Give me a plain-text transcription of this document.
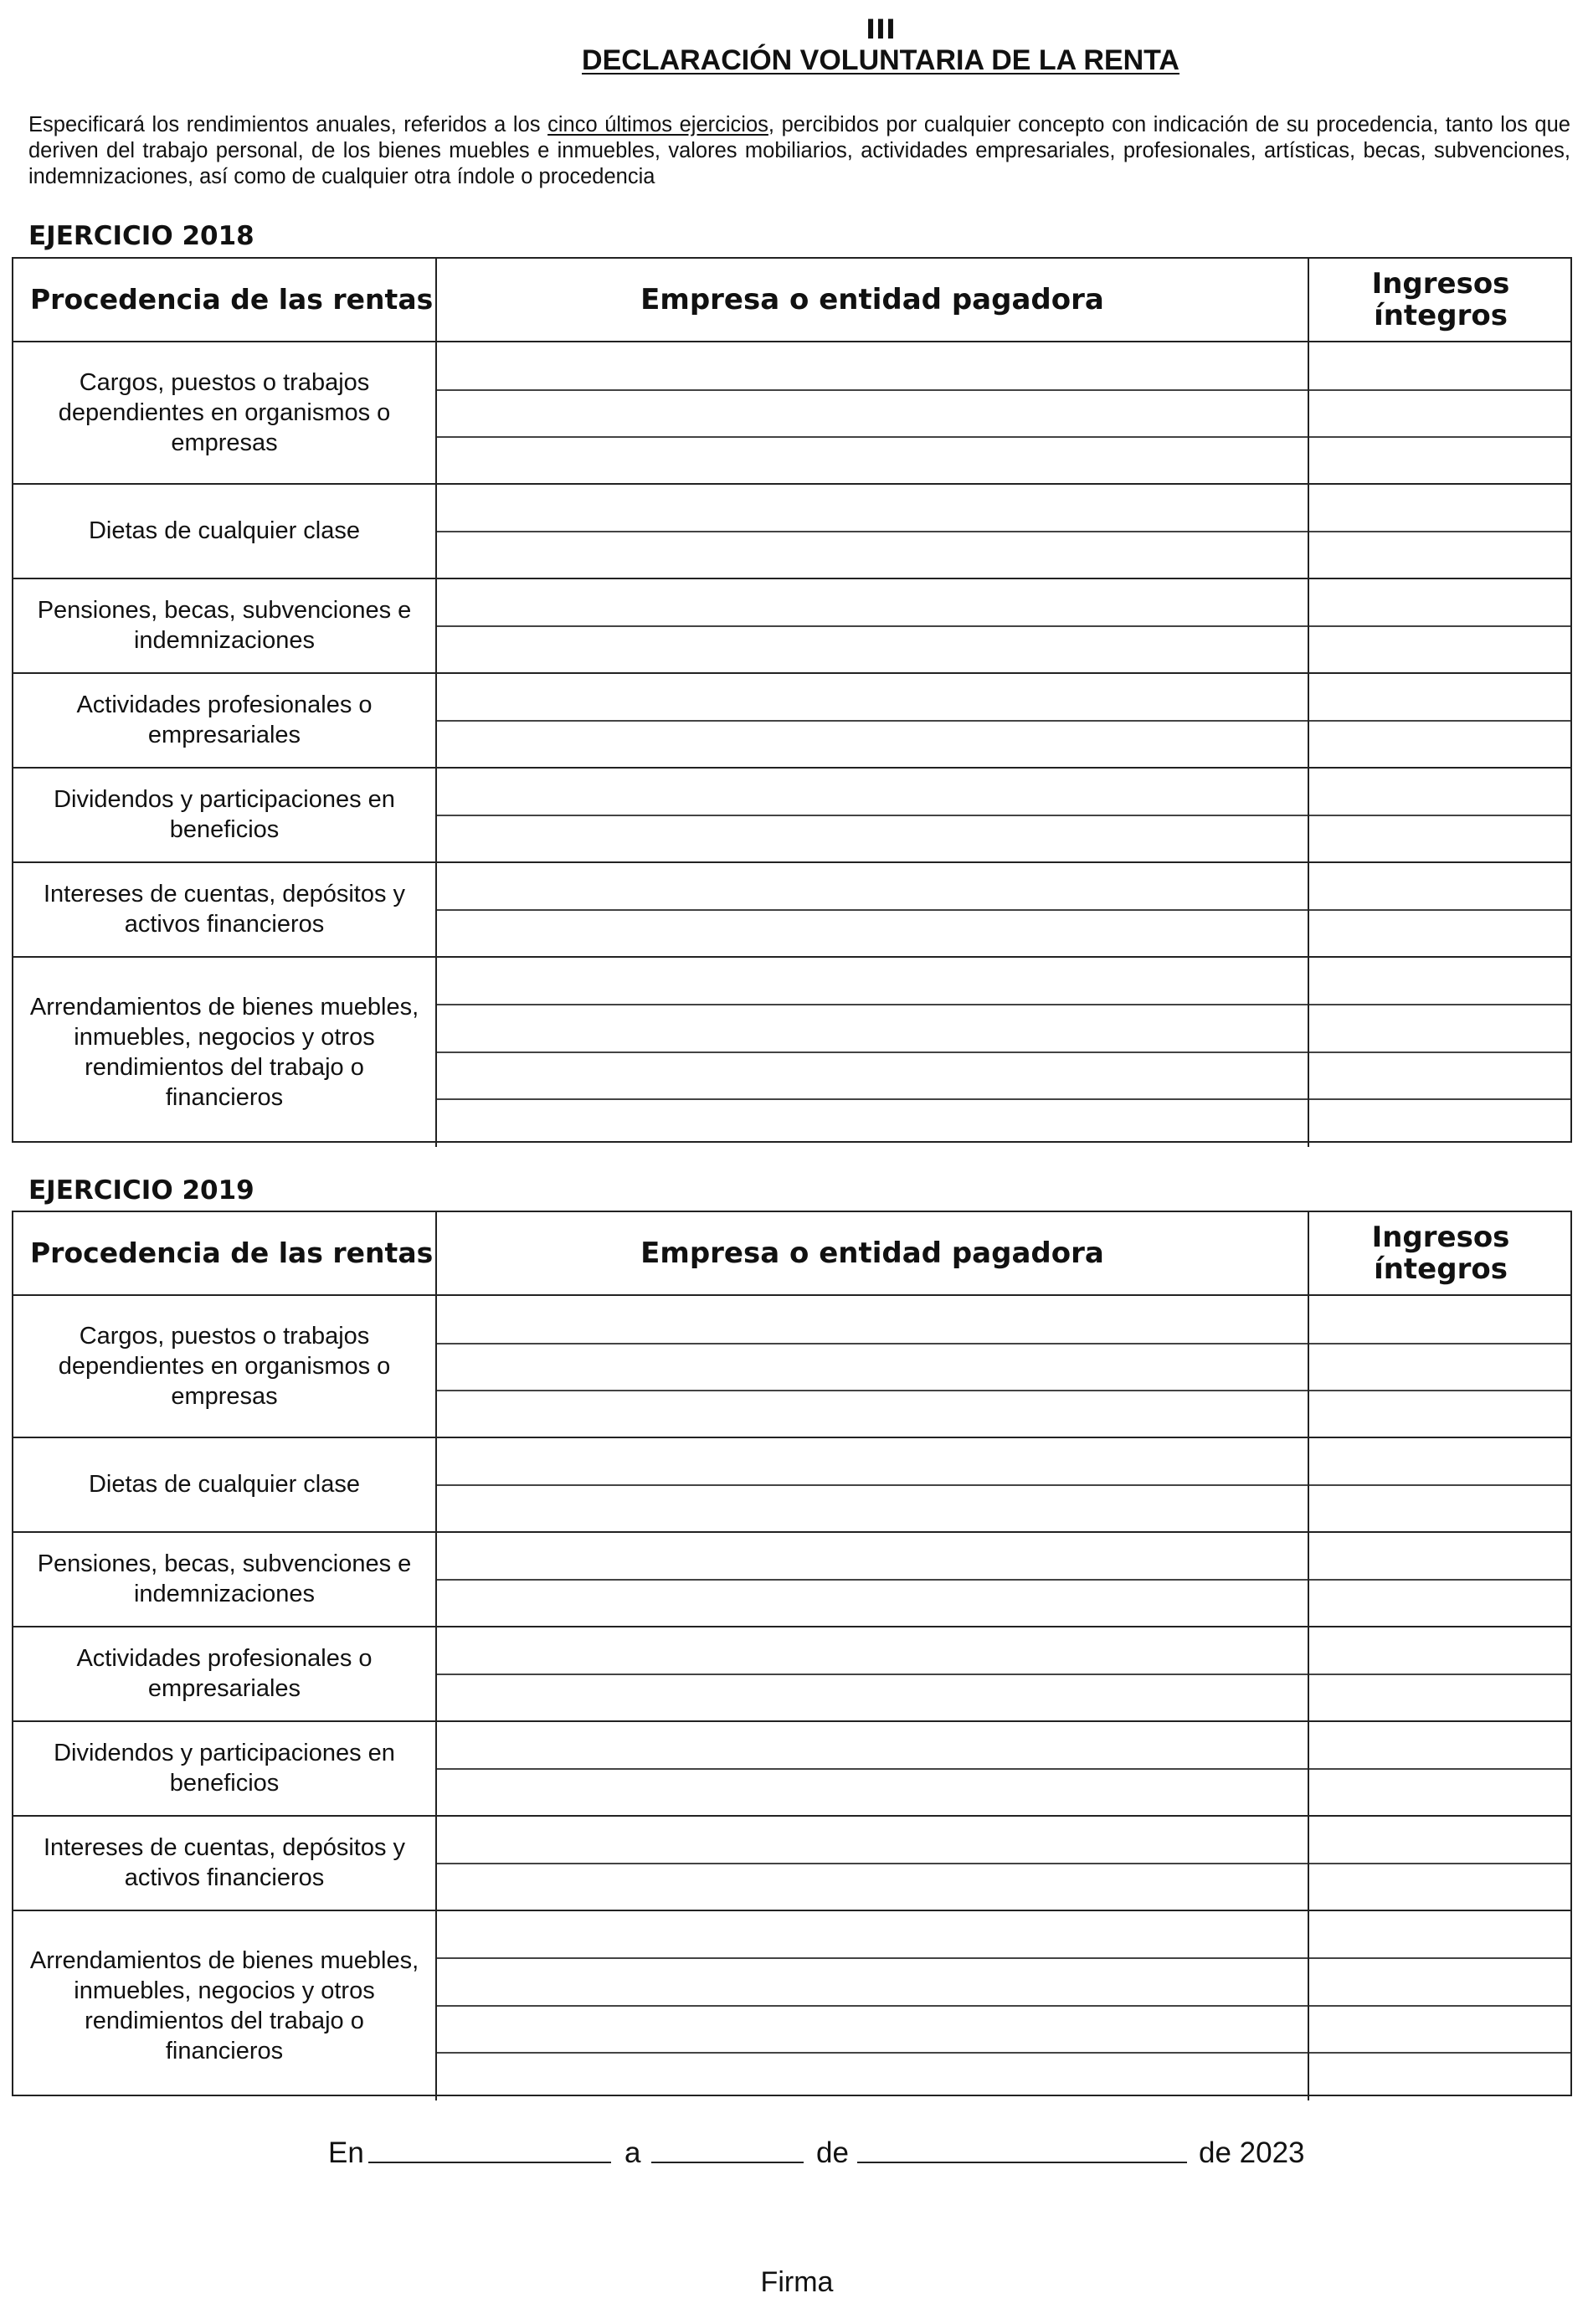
III
DECLARACIÓN VOLUNTARIA DE LA RENTA
Especificará los rendimientos anuales, referidos a los cinco últimos ejercicios, percibidos por cualquier concepto con indicación de su procedencia, tanto los que deriven del trabajo personal, de los bienes muebles e inmuebles, valores mobiliarios, actividades empresariales, profesionales, artísticas, becas, subvenciones, indemnizaciones, así como de cualquier otra índole o procedencia
EJERCICIO 2018
Procedencia de las rentas	Empresa o entidad pagadora	Ingresos
íntegros
Cargos, puestos o trabajos dependientes en organismos o empresas
Dietas de cualquier clase
Pensiones, becas, subvenciones e indemnizaciones
Actividades profesionales o empresariales
Dividendos y participaciones en beneficios
Intereses de cuentas, depósitos y activos financieros
Arrendamientos de bienes muebles, inmuebles, negocios y otros rendimientos del trabajo o financieros
EJERCICIO 2019
Procedencia de las rentas	Empresa o entidad pagadora	Ingresos
íntegros
Cargos, puestos o trabajos dependientes en organismos o empresas
Dietas de cualquier clase
Pensiones, becas, subvenciones e indemnizaciones
Actividades profesionales o empresariales
Dividendos y participaciones en beneficios
Intereses de cuentas, depósitos y activos financieros
Arrendamientos de bienes muebles, inmuebles, negocios y otros rendimientos del trabajo o financieros
En	a	de	de 2023
Firma
